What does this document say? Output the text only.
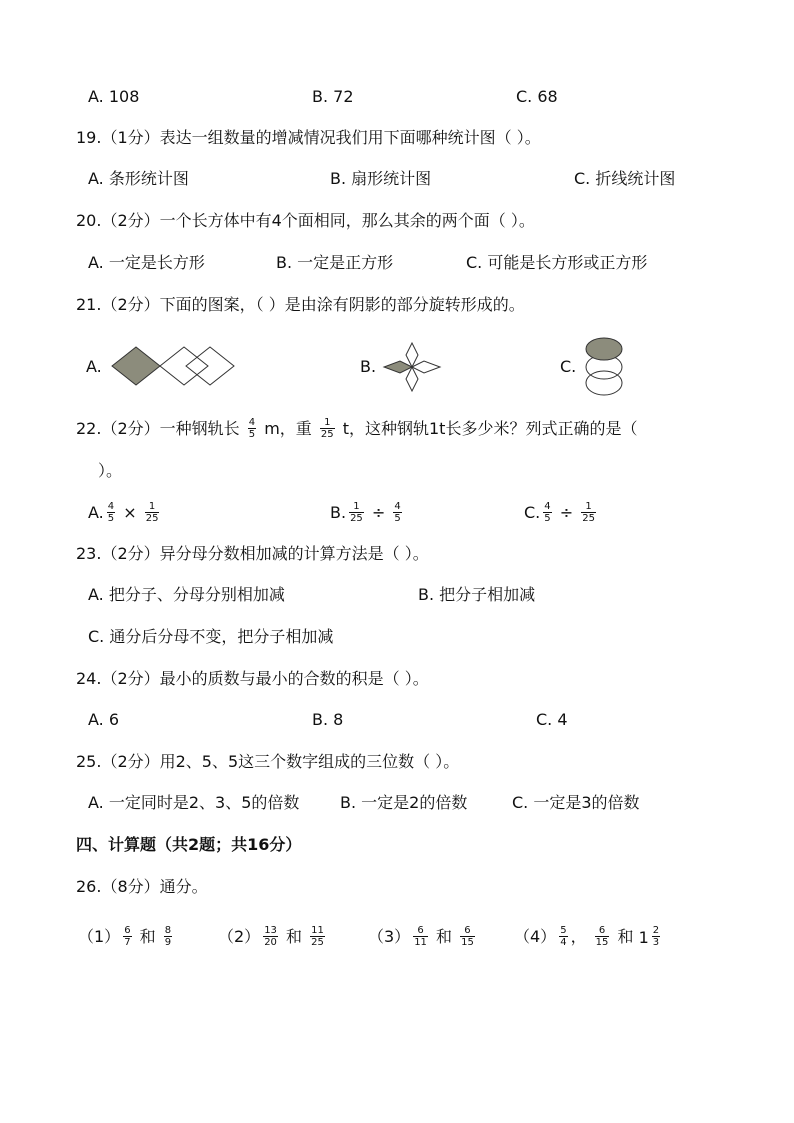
A. 108	B. 72	C. 68
19.（1分）表达一组数量的增减情况我们用下面哪种统计图（ ）。
A. 条形统计图	B. 扇形统计图	C. 折线统计图
20.（2分）一个长方体中有4个面相同，那么其余的两个面（ ）。
A. 一定是长方形	B. 一定是正方形	C. 可能是长方形或正方形
21.（2分）下面的图案，（ ）是由涂有阴影的部分旋转形成的。
A.	B.	C.
22.（2分）一种钢轨长 $\frac{4}{5}$ m，重 $\frac{1}{25}$ t，这种钢轨1t长多少米？列式正确的是（
）。
A. $\frac{4}{5} \times \frac{1}{25}$	B. $\frac{1}{25} \div \frac{4}{5}$	C. $\frac{4}{5} \div \frac{1}{25}$
23.（2分）异分母分数相加减的计算方法是（ ）。
A. 把分子、分母分别相加减	B. 把分子相加减
C. 通分后分母不变，把分子相加减
24.（2分）最小的质数与最小的合数的积是（ ）。
A. 6	B. 8	C. 4
25.（2分）用2、5、5这三个数字组成的三位数（ ）。
A. 一定同时是2、3、5的倍数	B. 一定是2的倍数	C. 一定是3的倍数
四、计算题（共2题；共16分）
26.（8分）通分。
$(1) \frac{6}{7}$ 和 $\frac{8}{9}$	$(2) \frac{13}{20}$ 和 $\frac{11}{25}$	$(3) \frac{6}{11}$ 和 $\frac{6}{15} (4) \frac{5}{4}$ ， $\frac{6}{15}$ 和 $1 \frac{2}{3}$
